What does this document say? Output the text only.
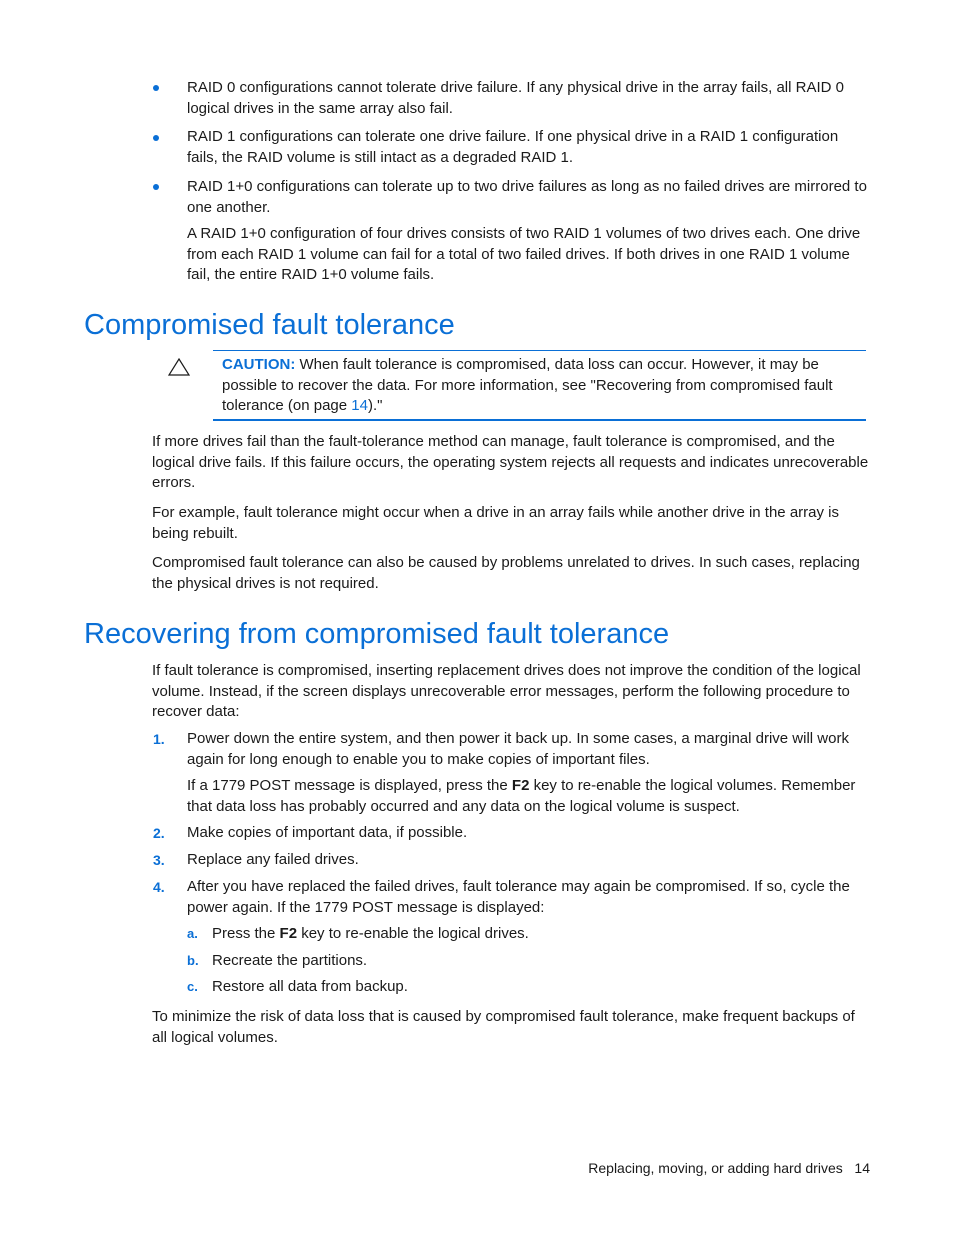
RAID 0 configurations cannot tolerate drive failure. If any physical drive in the array fails, all RAID 0 logical drives in the same array also fail.

RAID 1 configurations can tolerate one drive failure. If one physical drive in a RAID 1 configuration fails, the RAID volume is still intact as a degraded RAID 1.

RAID 1+0 configurations can tolerate up to two drive failures as long as no failed drives are mirrored to one another.

A RAID 1+0 configuration of four drives consists of two RAID 1 volumes of two drives each. One drive from each RAID 1 volume can fail for a total of two failed drives. If both drives in one RAID 1 volume fail, the entire RAID 1+0 volume fails.

Compromised fault tolerance

CAUTION: When fault tolerance is compromised, data loss can occur. However, it may be possible to recover the data. For more information, see "Recovering from compromised fault tolerance (on page 14)."

If more drives fail than the fault-tolerance method can manage, fault tolerance is compromised, and the logical drive fails. If this failure occurs, the operating system rejects all requests and indicates unrecoverable errors.

For example, fault tolerance might occur when a drive in an array fails while another drive in the array is being rebuilt.

Compromised fault tolerance can also be caused by problems unrelated to drives. In such cases, replacing the physical drives is not required.

Recovering from compromised fault tolerance

If fault tolerance is compromised, inserting replacement drives does not improve the condition of the logical volume. Instead, if the screen displays unrecoverable error messages, perform the following procedure to recover data:

1. Power down the entire system, and then power it back up. In some cases, a marginal drive will work again for long enough to enable you to make copies of important files.

If a 1779 POST message is displayed, press the F2 key to re-enable the logical volumes. Remember that data loss has probably occurred and any data on the logical volume is suspect.

2. Make copies of important data, if possible.

3. Replace any failed drives.

4. After you have replaced the failed drives, fault tolerance may again be compromised. If so, cycle the power again. If the 1779 POST message is displayed:

a. Press the F2 key to re-enable the logical drives.

b. Recreate the partitions.

c. Restore all data from backup.

To minimize the risk of data loss that is caused by compromised fault tolerance, make frequent backups of all logical volumes.

Replacing, moving, or adding hard drives 14
